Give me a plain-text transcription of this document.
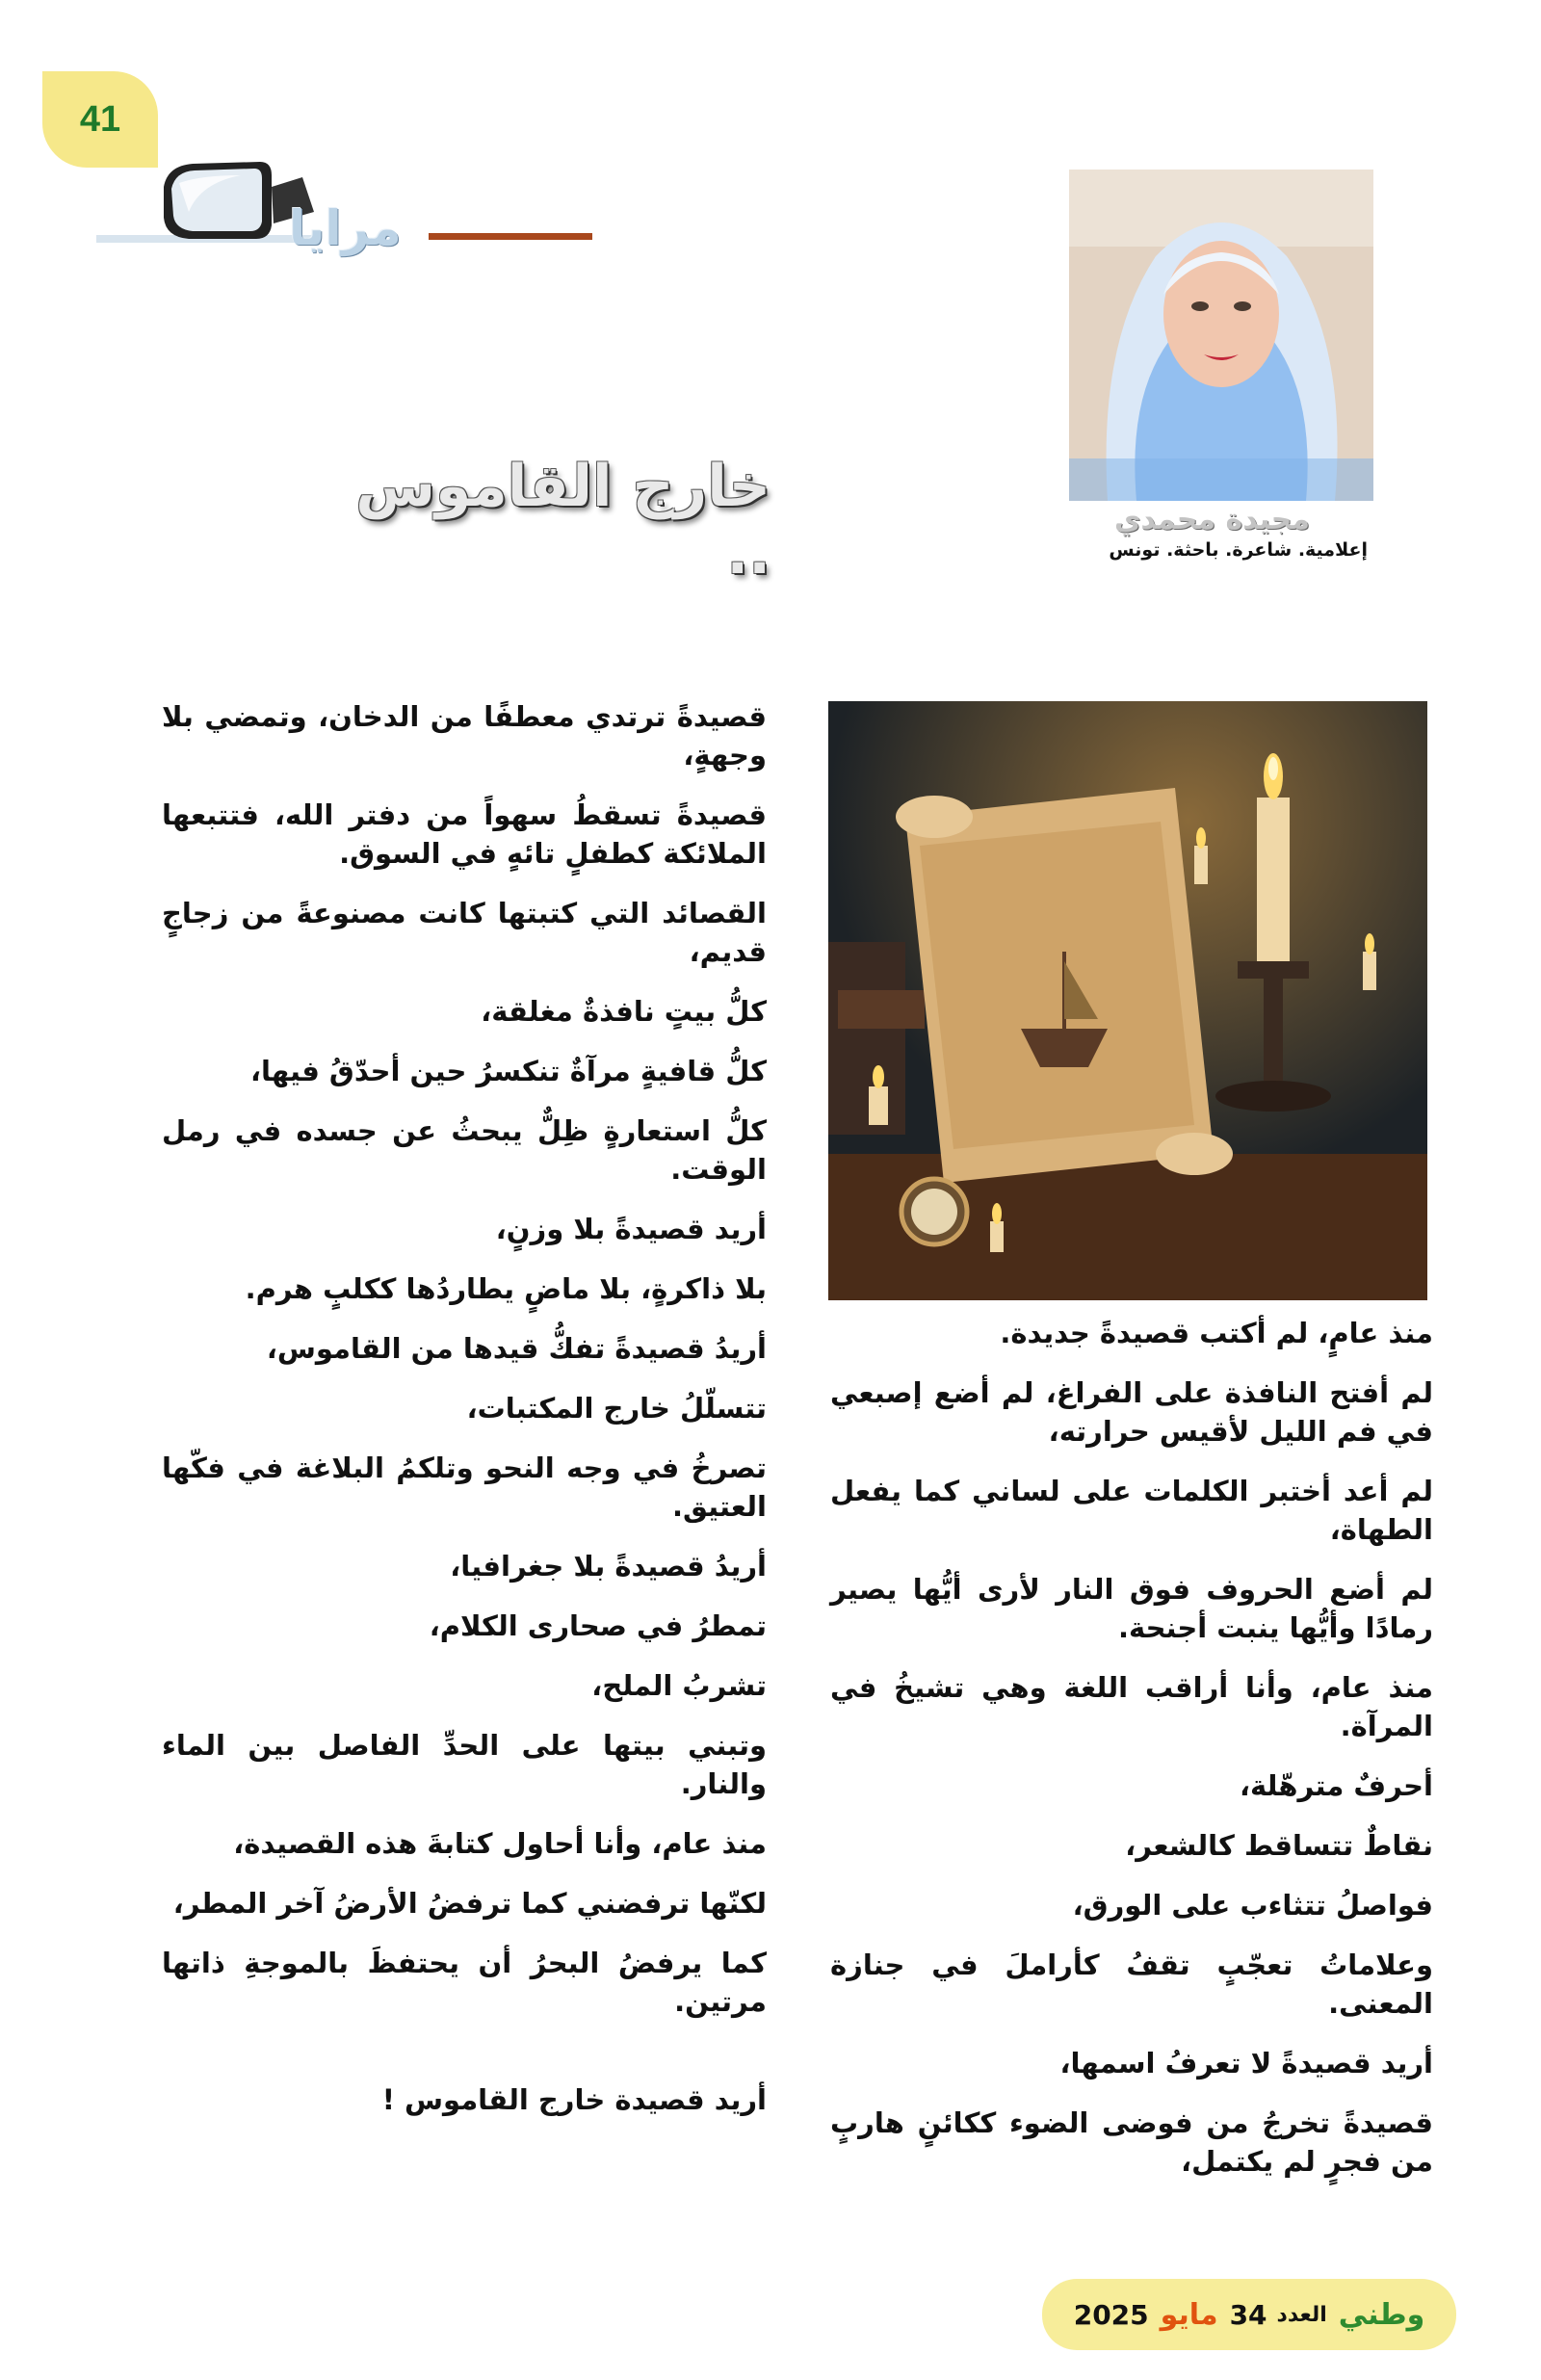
41
مرايا
خارج القاموس ..
مجيدة محمدي
إعلامية. شاعرة. باحثة. تونس

منذ عامٍ، لم أكتب قصيدةً جديدة.

لم أفتح النافذة على الفراغ، لم أضع إصبعي في فم الليل لأقيس حرارته،

لم أعد أختبر الكلمات على لساني كما يفعل الطهاة،

لم أضع الحروف فوق النار لأرى أيُّها يصير رمادًا وأيُّها ينبت أجنحة.

منذ عام، وأنا أراقب اللغة وهي تشيخُ في المرآة.

أحرفٌ مترهّلة،

نقاطٌ تتساقط كالشعر،

فواصلُ تتثاءب على الورق،

وعلاماتُ تعجّبٍ تقفُ كأراملَ في جنازة المعنى.

أريد قصيدةً لا تعرفُ اسمها،

قصيدةً تخرجُ من فوضى الضوء ككائنٍ هاربٍ من فجرٍ لم يكتمل،

قصيدةً ترتدي معطفًا من الدخان، وتمضي بلا وجهةٍ،

قصيدةً تسقطُ سهواً من دفتر الله، فتتبعها الملائكة كطفلٍ تائهٍ في السوق.

القصائد التي كتبتها كانت مصنوعةً من زجاجٍ قديم،

كلُّ بيتٍ نافذةٌ مغلقة،

كلُّ قافيةٍ مرآةٌ تنكسرُ حين أحدّقُ فيها،

كلُّ استعارةٍ ظِلٌّ يبحثُ عن جسده في رمل الوقت.

أريد قصيدةً بلا وزنٍ،

بلا ذاكرةٍ، بلا ماضٍ يطاردُها ككلبٍ هرم.

أريدُ قصيدةً تفكُّ قيدها من القاموس،

تتسلّلُ خارج المكتبات،

تصرخُ في وجه النحو وتلكمُ البلاغة في فكّها العتيق.

أريدُ قصيدةً بلا جغرافيا،

تمطرُ في صحارى الكلام،

تشربُ الملح،

وتبني بيتها على الحدِّ الفاصل بين الماء والنار.

منذ عام، وأنا أحاول كتابةَ هذه القصيدة،

لكنّها ترفضني كما ترفضُ الأرضُ آخر المطر،

كما يرفضُ البحرُ أن يحتفظَ بالموجةِ ذاتها مرتين.

أريد قصيدة خارج القاموس !

وطني
العدد
34
مايو
2025
